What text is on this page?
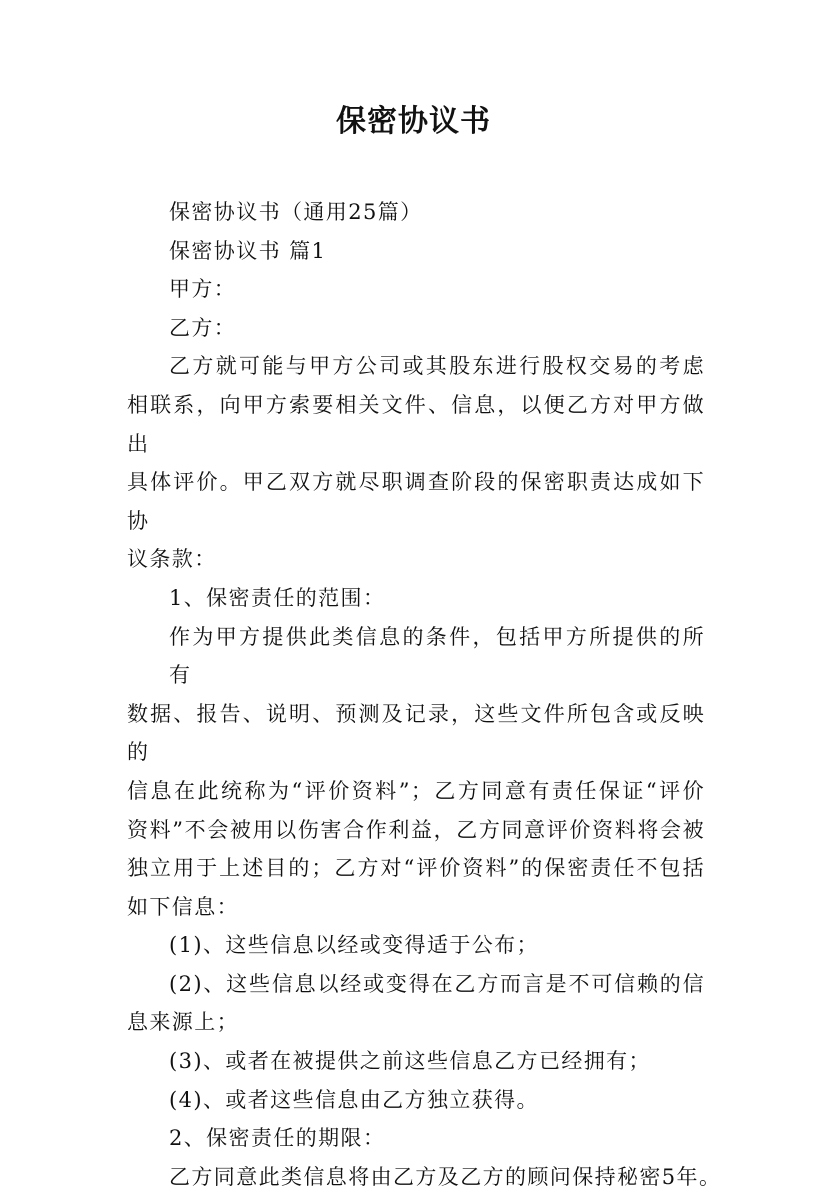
保密协议书
保密协议书（通用25篇）
保密协议书 篇1
甲方：
乙方：
乙方就可能与甲方公司或其股东进行股权交易的考虑
相联系，向甲方索要相关文件、信息，以便乙方对甲方做出
具体评价。甲乙双方就尽职调查阶段的保密职责达成如下协
议条款：
1、保密责任的范围：
作为甲方提供此类信息的条件，包括甲方所提供的所有
数据、报告、说明、预测及记录，这些文件所包含或反映的
信息在此统称为“评价资料”；乙方同意有责任保证“评价
资料”不会被用以伤害合作利益，乙方同意评价资料将会被
独立用于上述目的；乙方对“评价资料”的保密责任不包括
如下信息：
(1)、这些信息以经或变得适于公布；
(2)、这些信息以经或变得在乙方而言是不可信赖的信
息来源上；
(3)、或者在被提供之前这些信息乙方已经拥有；
(4)、或者这些信息由乙方独立获得。
2、保密责任的期限：
乙方同意此类信息将由乙方及乙方的顾问保持秘密5年。
